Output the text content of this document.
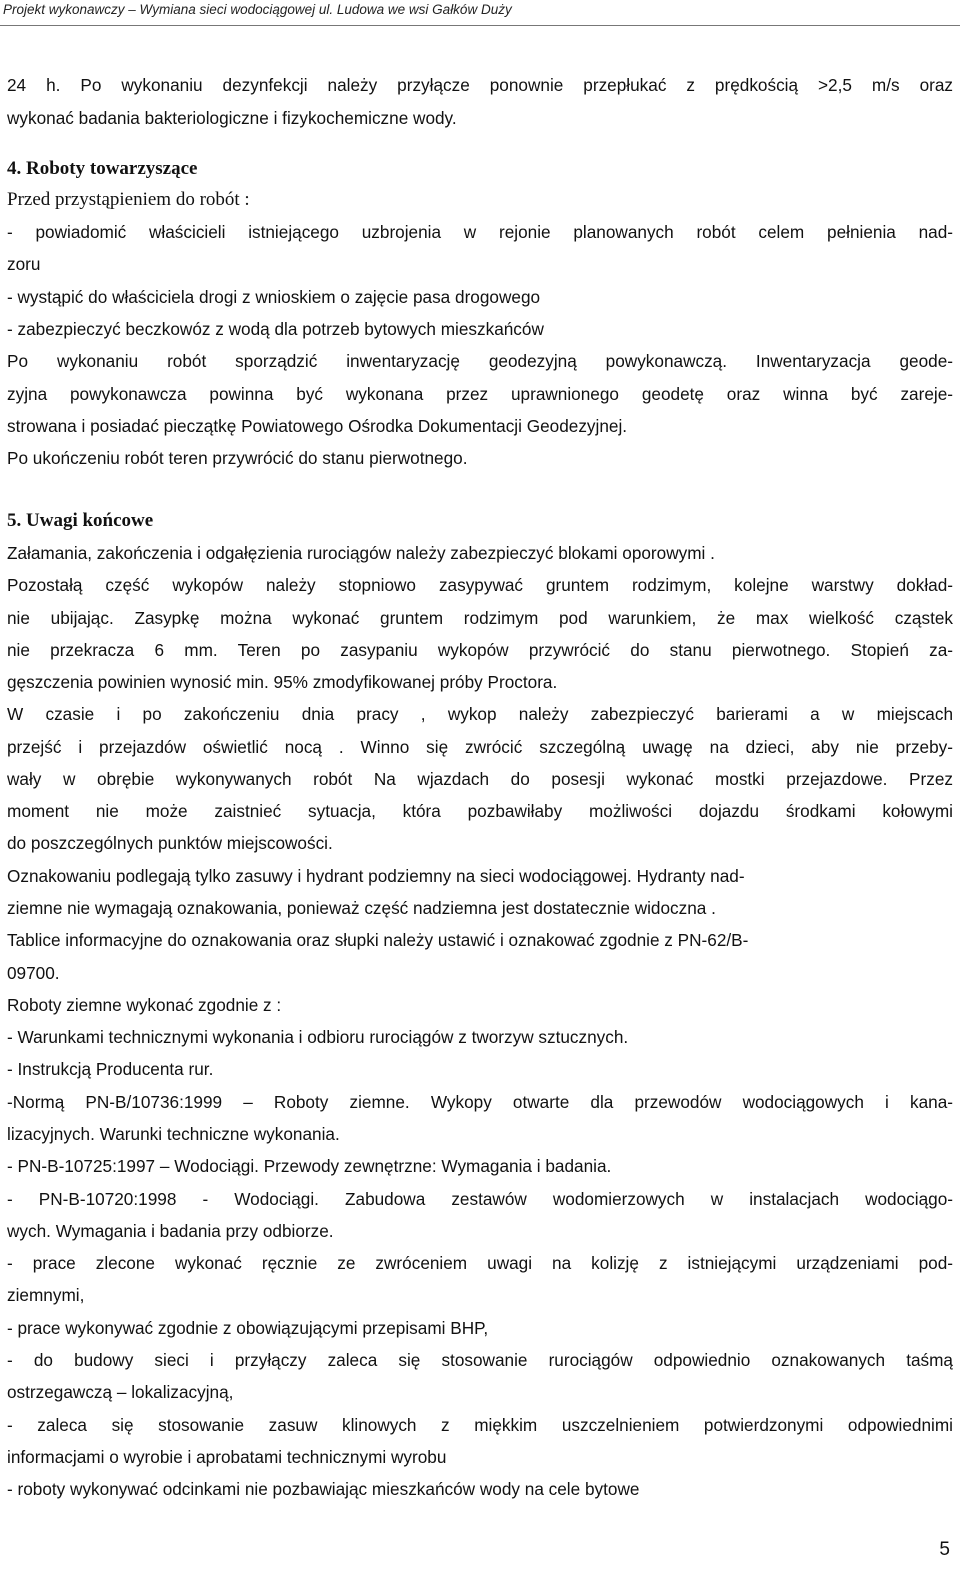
Projekt wykonawczy – Wymiana sieci wodociągowej ul. Ludowa we wsi Gałków Duży
24 h. Po wykonaniu dezynfekcji należy przyłącze ponownie przepłukać z prędkością >2,5 m/s oraz
wykonać badania bakteriologiczne i fizykochemiczne wody.
4. Roboty towarzyszące
Przed przystąpieniem do robót :
- powiadomić właścicieli istniejącego uzbrojenia w rejonie planowanych robót celem pełnienia nad-
zoru
- wystąpić do właściciela drogi z wnioskiem o zajęcie pasa drogowego
- zabezpieczyć beczkowóz z wodą dla potrzeb bytowych mieszkańców
Po wykonaniu robót sporządzić inwentaryzację geodezyjną powykonawczą. Inwentaryzacja geode-
zyjna powykonawcza powinna być wykonana przez uprawnionego geodetę oraz winna być zareje-
strowana i posiadać pieczątkę Powiatowego Ośrodka Dokumentacji Geodezyjnej.
Po ukończeniu robót teren przywrócić do stanu pierwotnego.
5. Uwagi końcowe
Załamania, zakończenia i odgałęzienia rurociągów należy zabezpieczyć blokami oporowymi .
Pozostałą część wykopów należy stopniowo zasypywać gruntem rodzimym, kolejne warstwy dokład-
nie ubijając. Zasypkę można wykonać gruntem rodzimym pod warunkiem, że max wielkość cząstek
nie przekracza 6 mm. Teren po zasypaniu wykopów przywrócić do stanu pierwotnego. Stopień za-
gęszczenia powinien wynosić min. 95% zmodyfikowanej próby Proctora.
W czasie i po zakończeniu dnia pracy , wykop należy zabezpieczyć barierami a w miejscach
przejść i przejazdów oświetlić nocą . Winno się zwrócić szczególną uwagę na dzieci, aby nie przeby-
wały w obrębie wykonywanych robót Na wjazdach do posesji wykonać mostki przejazdowe. Przez
moment nie może zaistnieć sytuacja, która pozbawiłaby możliwości dojazdu środkami kołowymi
do poszczególnych punktów miejscowości.
Oznakowaniu podlegają tylko zasuwy i hydrant podziemny na sieci wodociągowej. Hydranty nad-
ziemne nie wymagają oznakowania, ponieważ część nadziemna jest dostatecznie widoczna .
Tablice informacyjne do oznakowania oraz słupki należy ustawić i oznakować zgodnie z PN-62/B-
09700.
Roboty ziemne wykonać zgodnie z :
- Warunkami technicznymi wykonania i odbioru rurociągów z tworzyw sztucznych.
- Instrukcją Producenta rur.
-Normą PN-B/10736:1999 – Roboty ziemne. Wykopy otwarte dla przewodów wodociągowych i kana-
lizacyjnych. Warunki techniczne wykonania.
- PN-B-10725:1997 – Wodociągi. Przewody zewnętrzne: Wymagania i badania.
- PN-B-10720:1998 - Wodociągi. Zabudowa zestawów wodomierzowych w instalacjach wodociągo-
wych. Wymagania i badania przy odbiorze.
- prace zlecone wykonać ręcznie ze zwróceniem uwagi na kolizję z istniejącymi urządzeniami pod-
ziemnymi,
- prace wykonywać zgodnie z obowiązującymi przepisami BHP,
- do budowy sieci i przyłączy zaleca się stosowanie rurociągów odpowiednio oznakowanych taśmą
ostrzegawczą – lokalizacyjną,
- zaleca się stosowanie zasuw klinowych z miękkim uszczelnieniem potwierdzonymi odpowiednimi
informacjami o wyrobie i aprobatami technicznymi wyrobu
- roboty wykonywać odcinkami nie pozbawiając mieszkańców wody na cele bytowe
5
